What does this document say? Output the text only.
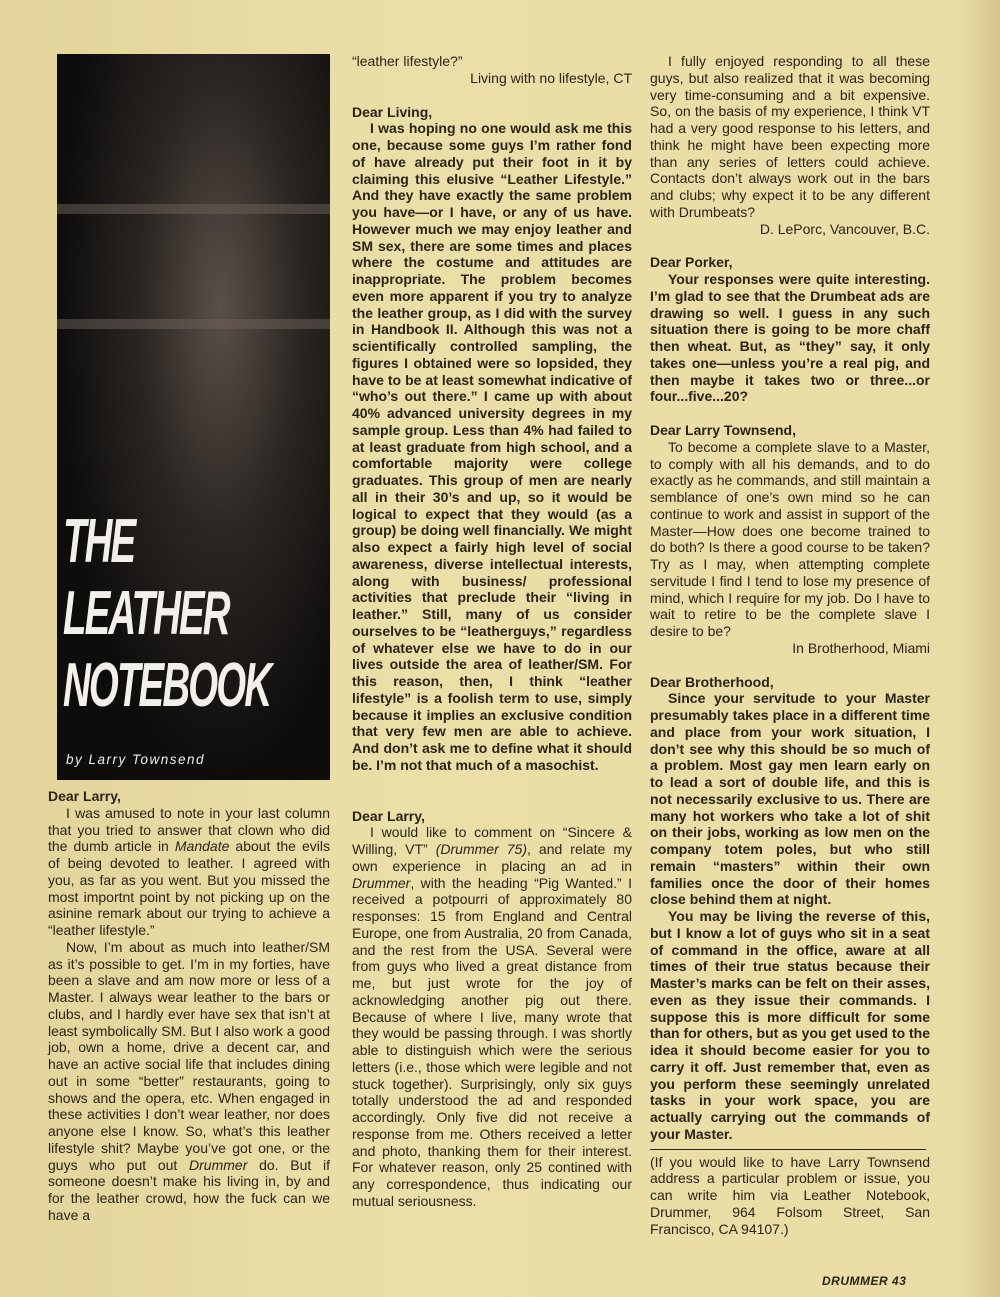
THE
LEATHER
NOTEBOOK
by Larry Townsend

Dear Larry,

I was amused to note in your last column that you tried to answer that clown who did the dumb article in Mandate about the evils of being devoted to leather. I agreed with you, as far as you went. But you missed the most importnt point by not picking up on the asinine remark about our trying to achieve a “leather lifestyle.”

Now, I’m about as much into leather/SM as it’s possible to get. I’m in my forties, have been a slave and am now more or less of a Master. I always wear leather to the bars or clubs, and I hardly ever have sex that isn’t at least symbolically SM. But I also work a good job, own a home, drive a decent car, and have an active social life that includes dining out in some “better” restaurants, going to shows and the opera, etc. When engaged in these activities I don’t wear leather, nor does anyone else I know. So, what’s this leather lifestyle shit? Maybe you’ve got one, or the guys who put out Drummer do. But if someone doesn’t make his living in, by and for the leather crowd, how the fuck can we have a

“leather lifestyle?”

Living with no lifestyle, CT

Dear Living,

I was hoping no one would ask me this one, because some guys I’m rather fond of have already put their foot in it by claiming this elusive “Leather Lifestyle.” And they have exactly the same problem you have—or I have, or any of us have. However much we may enjoy leather and SM sex, there are some times and places where the costume and attitudes are inappropriate. The problem becomes even more apparent if you try to analyze the leather group, as I did with the survey in Handbook II. Although this was not a scientifically controlled sampling, the figures I obtained were so lopsided, they have to be at least somewhat indicative of “who’s out there.” I came up with about 40% advanced university degrees in my sample group. Less than 4% had failed to at least graduate from high school, and a comfortable majority were college graduates. This group of men are nearly all in their 30’s and up, so it would be logical to expect that they would (as a group) be doing well financially. We might also expect a fairly high level of social awareness, diverse intellectual interests, along with business/ professional activities that preclude their “living in leather.” Still, many of us consider ourselves to be “leatherguys,” regardless of whatever else we have to do in our lives outside the area of leather/SM. For this reason, then, I think “leather lifestyle” is a foolish term to use, simply because it implies an exclusive condition that very few men are able to achieve. And don’t ask me to define what it should be. I’m not that much of a masochist.

Dear Larry,

I would like to comment on “Sincere & Willing, VT” (Drummer 75), and relate my own experience in placing an ad in Drummer, with the heading “Pig Wanted.” I received a potpourri of approximately 80 responses: 15 from England and Central Europe, one from Australia, 20 from Canada, and the rest from the USA. Several were from guys who lived a great distance from me, but just wrote for the joy of acknowledging another pig out there. Because of where I live, many wrote that they would be passing through. I was shortly able to distinguish which were the serious letters (i.e., those which were legible and not stuck together). Surprisingly, only six guys totally understood the ad and responded accordingly. Only five did not receive a response from me. Others received a letter and photo, thanking them for their interest. For whatever reason, only 25 contined with any correspondence, thus indicating our mutual seriousness.

I fully enjoyed responding to all these guys, but also realized that it was becoming very time-consuming and a bit expensive. So, on the basis of my experience, I think VT had a very good response to his letters, and think he might have been expecting more than any series of letters could achieve. Contacts don’t always work out in the bars and clubs; why expect it to be any different with Drumbeats?

D. LePorc, Vancouver, B.C.

Dear Porker,

Your responses were quite interesting. I’m glad to see that the Drumbeat ads are drawing so well. I guess in any such situation there is going to be more chaff then wheat. But, as “they” say, it only takes one—unless you’re a real pig, and then maybe it takes two or three...or four...five...20?

Dear Larry Townsend,

To become a complete slave to a Master, to comply with all his demands, and to do exactly as he commands, and still maintain a semblance of one’s own mind so he can continue to work and assist in support of the Master—How does one become trained to do both? Is there a good course to be taken? Try as I may, when attempting complete servitude I find I tend to lose my presence of mind, which I require for my job. Do I have to wait to retire to be the complete slave I desire to be?

In Brotherhood, Miami

Dear Brotherhood,

Since your servitude to your Master presumably takes place in a different time and place from your work situation, I don’t see why this should be so much of a problem. Most gay men learn early on to lead a sort of double life, and this is not necessarily exclusive to us. There are many hot workers who take a lot of shit on their jobs, working as low men on the company totem poles, but who still remain “masters” within their own families once the door of their homes close behind them at night.

You may be living the reverse of this, but I know a lot of guys who sit in a seat of command in the office, aware at all times of their true status because their Master’s marks can be felt on their asses, even as they issue their commands. I suppose this is more difficult for some than for others, but as you get used to the idea it should become easier for you to carry it off. Just remember that, even as you perform these seemingly unrelated tasks in your work space, you are actually carrying out the commands of your Master.

(If you would like to have Larry Townsend address a particular problem or issue, you can write him via Leather Notebook, Drummer, 964 Folsom Street, San Francisco, CA 94107.)

DRUMMER 43
